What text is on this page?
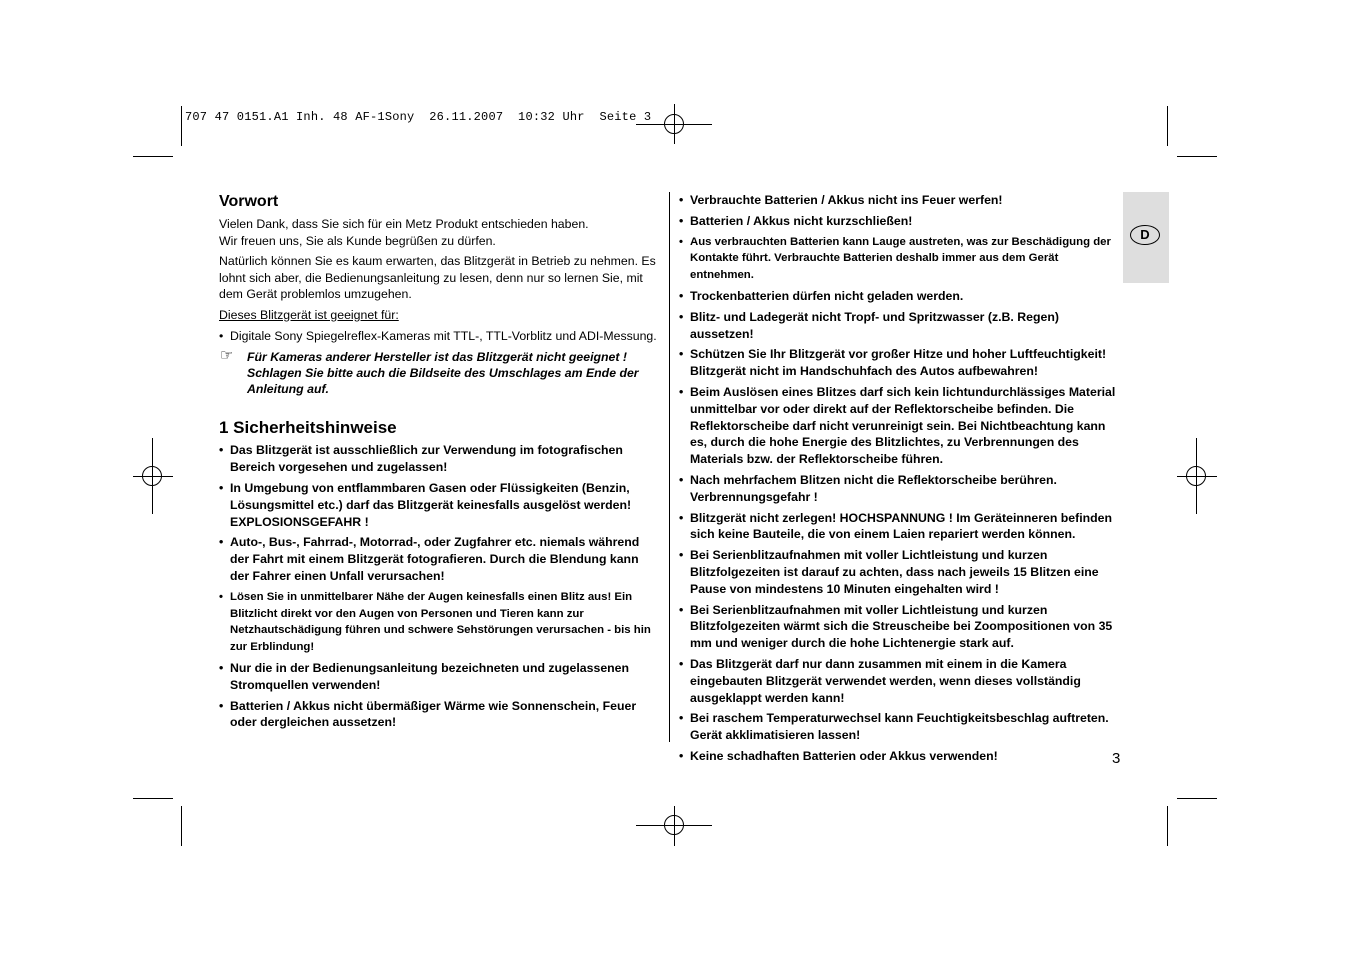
707 47 0151.A1 Inh. 48 AF-1Sony  26.11.2007  10:32 Uhr  Seite 3
D
Vorwort
Vielen Dank, dass Sie sich für ein Metz Produkt entschieden haben.
Wir freuen uns, Sie als Kunde begrüßen zu dürfen.
Natürlich können Sie es kaum erwarten, das Blitzgerät in Betrieb zu nehmen. Es lohnt sich aber, die Bedienungsanleitung zu lesen, denn nur so lernen Sie, mit dem Gerät problemlos umzugehen.
Dieses Blitzgerät ist geeignet für:
• Digitale Sony Spiegelreflex-Kameras mit TTL-, TTL-Vorblitz und ADI-Messung.
☞ Für Kameras anderer Hersteller ist das Blitzgerät nicht geeignet ! Schlagen Sie bitte auch die Bildseite des Umschlages am Ende der Anleitung auf.
1 Sicherheitshinweise
• Das Blitzgerät ist ausschließlich zur Verwendung im fotografischen Bereich vorgesehen und zugelassen!
• In Umgebung von entflammbaren Gasen oder Flüssigkeiten (Benzin, Lösungsmittel etc.) darf das Blitzgerät keinesfalls ausgelöst werden! EXPLOSIONSGEFAHR !
• Auto-, Bus-, Fahrrad-, Motorrad-, oder Zugfahrer etc. niemals während der Fahrt mit einem Blitzgerät fotografieren. Durch die Blendung kann der Fahrer einen Unfall verursachen!
• Lösen Sie in unmittelbarer Nähe der Augen keinesfalls einen Blitz aus! Ein Blitzlicht direkt vor den Augen von Personen und Tieren kann zur Netzhautschädigung führen und schwere Sehstörungen verursachen - bis hin zur Erblindung!
• Nur die in der Bedienungsanleitung bezeichneten und zugelassenen Stromquellen verwenden!
• Batterien / Akkus nicht übermäßiger Wärme wie Sonnenschein, Feuer oder dergleichen aussetzen!
• Verbrauchte Batterien / Akkus nicht ins Feuer werfen!
• Batterien / Akkus nicht kurzschließen!
• Aus verbrauchten Batterien kann Lauge austreten, was zur Beschädigung der Kontakte führt. Verbrauchte Batterien deshalb immer aus dem Gerät entnehmen.
• Trockenbatterien dürfen nicht geladen werden.
• Blitz- und Ladegerät nicht Tropf- und Spritzwasser (z.B. Regen) aussetzen!
• Schützen Sie Ihr Blitzgerät vor großer Hitze und hoher Luftfeuchtigkeit! Blitzgerät nicht im Handschuhfach des Autos aufbewahren!
• Beim Auslösen eines Blitzes darf sich kein lichtundurchlässiges Material unmittelbar vor oder direkt auf der Reflektorscheibe befinden. Die Reflektorscheibe darf nicht verunreinigt sein. Bei Nichtbeachtung kann es, durch die hohe Energie des Blitzlichtes, zu Verbrennungen des Materials bzw. der Reflektorscheibe führen.
• Nach mehrfachem Blitzen nicht die Reflektorscheibe berühren. Verbrennungsgefahr !
• Blitzgerät nicht zerlegen! HOCHSPANNUNG ! Im Geräteinneren befinden sich keine Bauteile, die von einem Laien repariert werden können.
• Bei Serienblitzaufnahmen mit voller Lichtleistung und kurzen Blitzfolgezeiten ist darauf zu achten, dass nach jeweils 15 Blitzen eine Pause von mindestens 10 Minuten eingehalten wird !
• Bei Serienblitzaufnahmen mit voller Lichtleistung und kurzen Blitzfolgezeiten wärmt sich die Streuscheibe bei Zoompositionen von 35 mm und weniger durch die hohe Lichtenergie stark auf.
• Das Blitzgerät darf nur dann zusammen mit einem in die Kamera eingebauten Blitzgerät verwendet werden, wenn dieses vollständig ausgeklappt werden kann!
• Bei raschem Temperaturwechsel kann Feuchtigkeitsbeschlag auftreten. Gerät akklimatisieren lassen!
• Keine schadhaften Batterien oder Akkus verwenden!	3
